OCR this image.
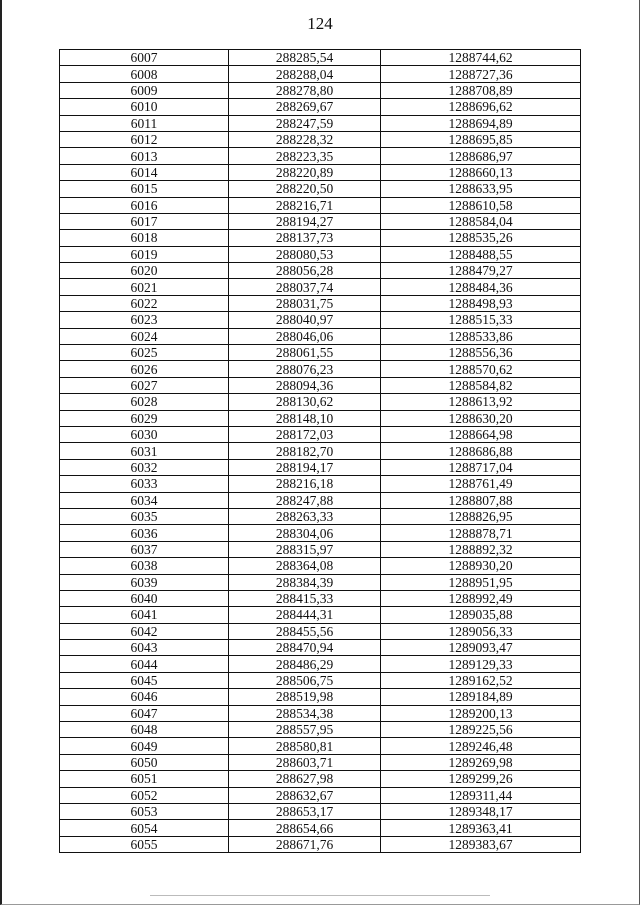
124
6007	288285,54	1288744,62
6008	288288,04	1288727,36
6009	288278,80	1288708,89
6010	288269,67	1288696,62
6011	288247,59	1288694,89
6012	288228,32	1288695,85
6013	288223,35	1288686,97
6014	288220,89	1288660,13
6015	288220,50	1288633,95
6016	288216,71	1288610,58
6017	288194,27	1288584,04
6018	288137,73	1288535,26
6019	288080,53	1288488,55
6020	288056,28	1288479,27
6021	288037,74	1288484,36
6022	288031,75	1288498,93
6023	288040,97	1288515,33
6024	288046,06	1288533,86
6025	288061,55	1288556,36
6026	288076,23	1288570,62
6027	288094,36	1288584,82
6028	288130,62	1288613,92
6029	288148,10	1288630,20
6030	288172,03	1288664,98
6031	288182,70	1288686,88
6032	288194,17	1288717,04
6033	288216,18	1288761,49
6034	288247,88	1288807,88
6035	288263,33	1288826,95
6036	288304,06	1288878,71
6037	288315,97	1288892,32
6038	288364,08	1288930,20
6039	288384,39	1288951,95
6040	288415,33	1288992,49
6041	288444,31	1289035,88
6042	288455,56	1289056,33
6043	288470,94	1289093,47
6044	288486,29	1289129,33
6045	288506,75	1289162,52
6046	288519,98	1289184,89
6047	288534,38	1289200,13
6048	288557,95	1289225,56
6049	288580,81	1289246,48
6050	288603,71	1289269,98
6051	288627,98	1289299,26
6052	288632,67	1289311,44
6053	288653,17	1289348,17
6054	288654,66	1289363,41
6055	288671,76	1289383,67
